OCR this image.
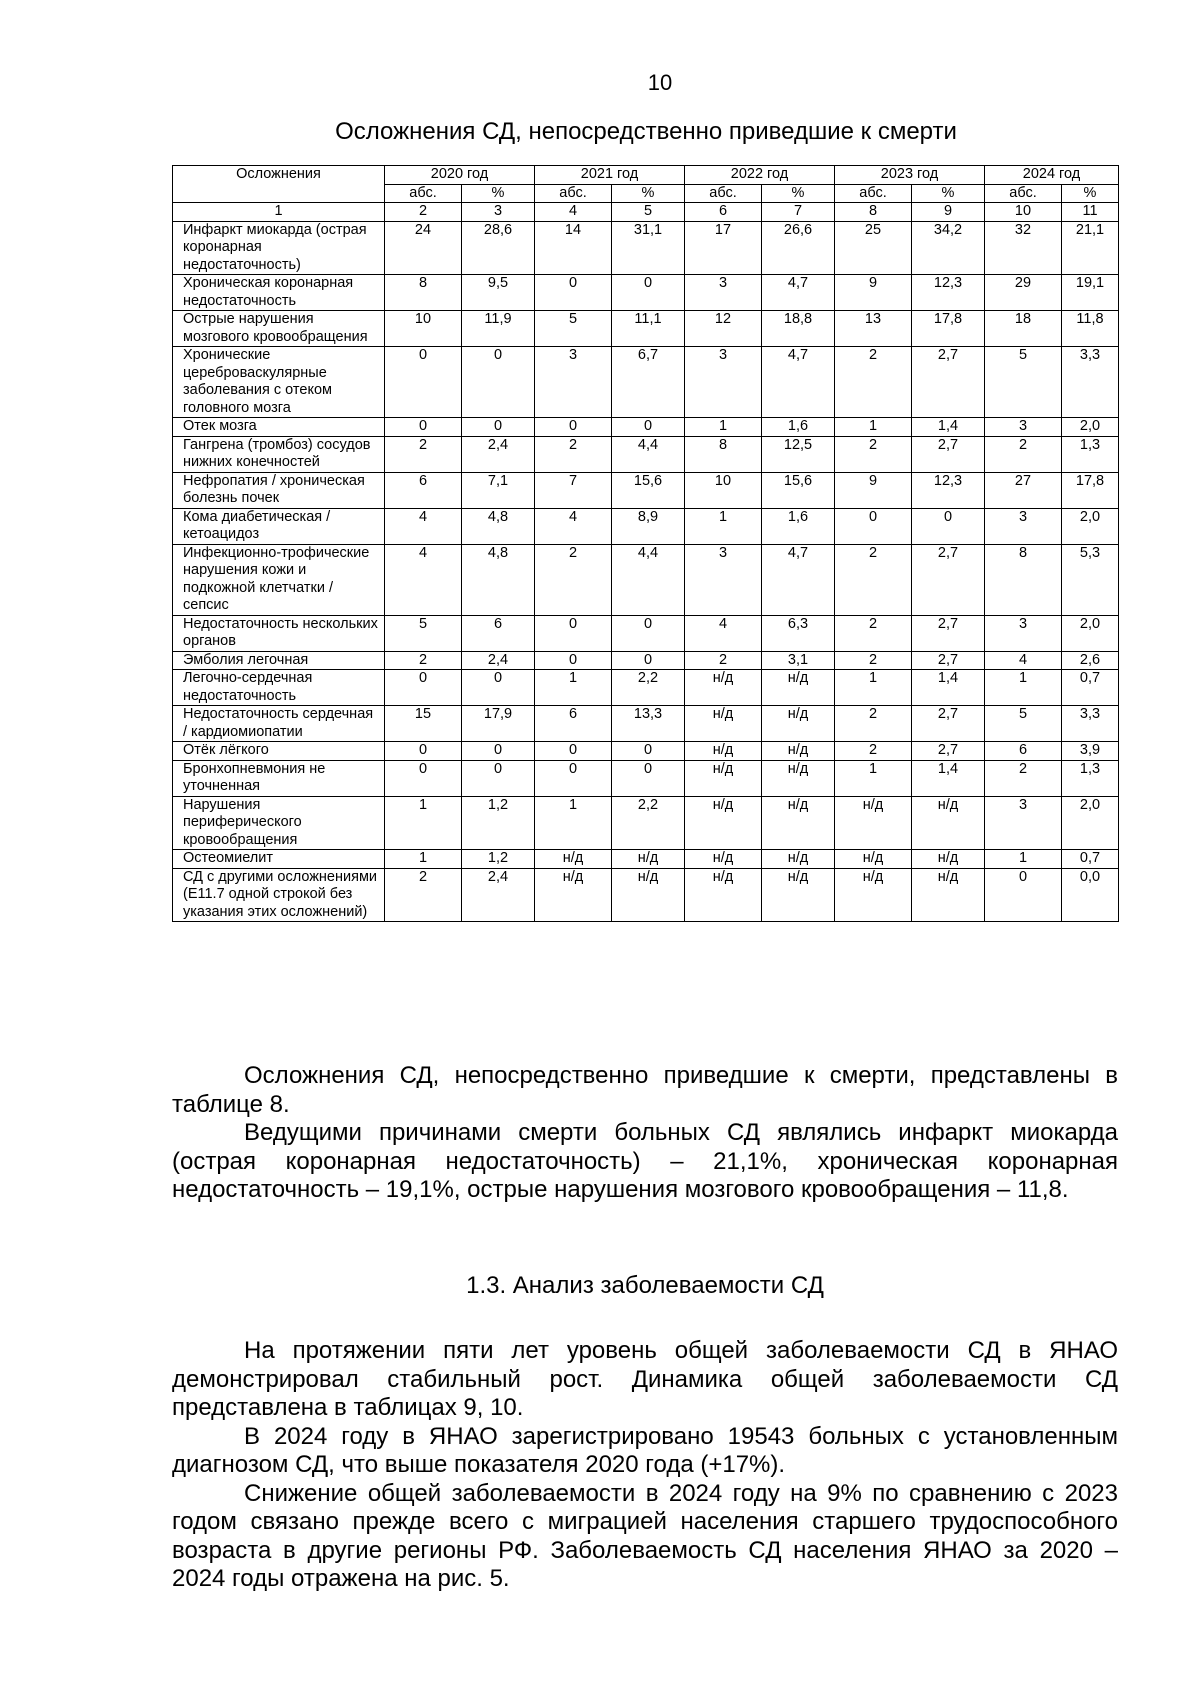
10
Осложнения СД, непосредственно приведшие к смерти
Осложнения	2020 год		2021 год		2022 год		2023 год		2024 год	
	абс.	%	абс.	%	абс.	%	абс.	%	абс.	%
1	2	3	4	5	6	7	8	9	10	11
Инфаркт миокарда (острая коронарная недостаточность)	24	28,6	14	31,1	17	26,6	25	34,2	32	21,1
Хроническая коронарная недостаточность	8	9,5	0	0	3	4,7	9	12,3	29	19,1
Острые нарушения мозгового кровообращения	10	11,9	5	11,1	12	18,8	13	17,8	18	11,8
Хронические цереброваскулярные заболевания с отеком головного мозга	0	0	3	6,7	3	4,7	2	2,7	5	3,3
Отек мозга	0	0	0	0	1	1,6	1	1,4	3	2,0
Гангрена (тромбоз) сосудов нижних конечностей	2	2,4	2	4,4	8	12,5	2	2,7	2	1,3
Нефропатия / хроническая болезнь почек	6	7,1	7	15,6	10	15,6	9	12,3	27	17,8
Кома диабетическая / кетоацидоз	4	4,8	4	8,9	1	1,6	0	0	3	2,0
Инфекционно-трофические нарушения кожи и подкожной клетчатки / сепсис	4	4,8	2	4,4	3	4,7	2	2,7	8	5,3
Недостаточность нескольких органов	5	6	0	0	4	6,3	2	2,7	3	2,0
Эмболия легочная	2	2,4	0	0	2	3,1	2	2,7	4	2,6
Легочно-сердечная недостаточность	0	0	1	2,2	н/д	н/д	1	1,4	1	0,7
Недостаточность сердечная / кардиомиопатии	15	17,9	6	13,3	н/д	н/д	2	2,7	5	3,3
Отёк лёгкого	0	0	0	0	н/д	н/д	2	2,7	6	3,9
Бронхопневмония не уточненная	0	0	0	0	н/д	н/д	1	1,4	2	1,3
Нарушения периферического кровообращения	1	1,2	1	2,2	н/д	н/д	н/д	н/д	3	2,0
Остеомиелит	1	1,2	н/д	н/д	н/д	н/д	н/д	н/д	1	0,7
СД с другими осложнениями (E11.7 одной строкой без указания этих осложнений)	2	2,4	н/д	н/д	н/д	н/д	н/д	н/д	0	0,0

Осложнения СД, непосредственно приведшие к смерти, представлены в таблице 8.

Ведущими причинами смерти больных СД являлись инфаркт миокарда (острая коронарная недостаточность) – 21,1%, хроническая коронарная недостаточность – 19,1%, острые нарушения мозгового кровообращения – 11,8.

1.3. Анализ заболеваемости СД

На протяжении пяти лет уровень общей заболеваемости СД в ЯНАО демонстрировал стабильный рост. Динамика общей заболеваемости СД представлена в таблицах 9, 10.

В 2024 году в ЯНАО зарегистрировано 19543 больных с установленным диагнозом СД, что выше показателя 2020 года (+17%).

Снижение общей заболеваемости в 2024 году на 9% по сравнению с 2023 годом связано прежде всего с миграцией населения старшего трудоспособного возраста в другие регионы РФ. Заболеваемость СД населения ЯНАО за 2020 – 2024 годы отражена на рис. 5.
